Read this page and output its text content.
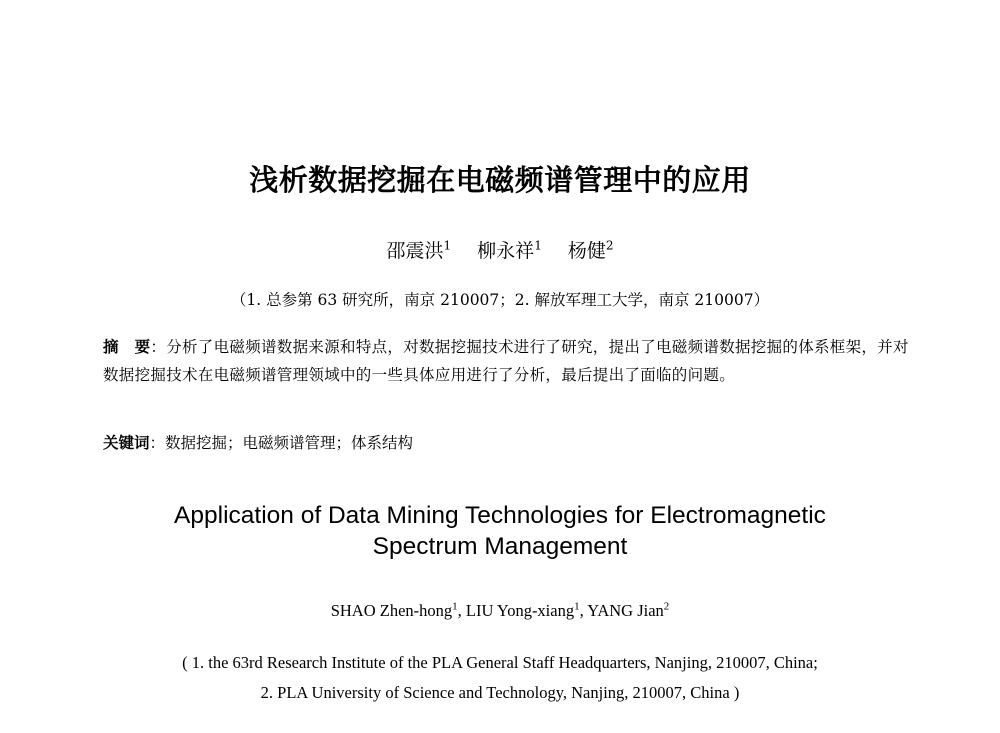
浅析数据挖掘在电磁频谱管理中的应用
邵震洪$^1$ 柳永祥$^1$ 杨健$^2$
（1. 总参第 63 研究所，南京 210007；2. 解放军理工大学，南京 210007）
摘　要：分析了电磁频谱数据来源和特点，对数据挖掘技术进行了研究，提出了电磁频谱数据挖掘的体系框架，并对数据挖掘技术在电磁频谱管理领域中的一些具体应用进行了分析，最后提出了面临的问题。
关键词：数据挖掘；电磁频谱管理；体系结构
Application of Data Mining Technologies for Electromagnetic
Spectrum Management
SHAO Zhen-hong$^1$, LIU Yong-xiang$^1$, YANG Jian$^2$
( 1. the 63rd Research Institute of the PLA General Staff Headquarters, Nanjing, 210007, China;
2. PLA University of Science and Technology, Nanjing, 210007, China )
